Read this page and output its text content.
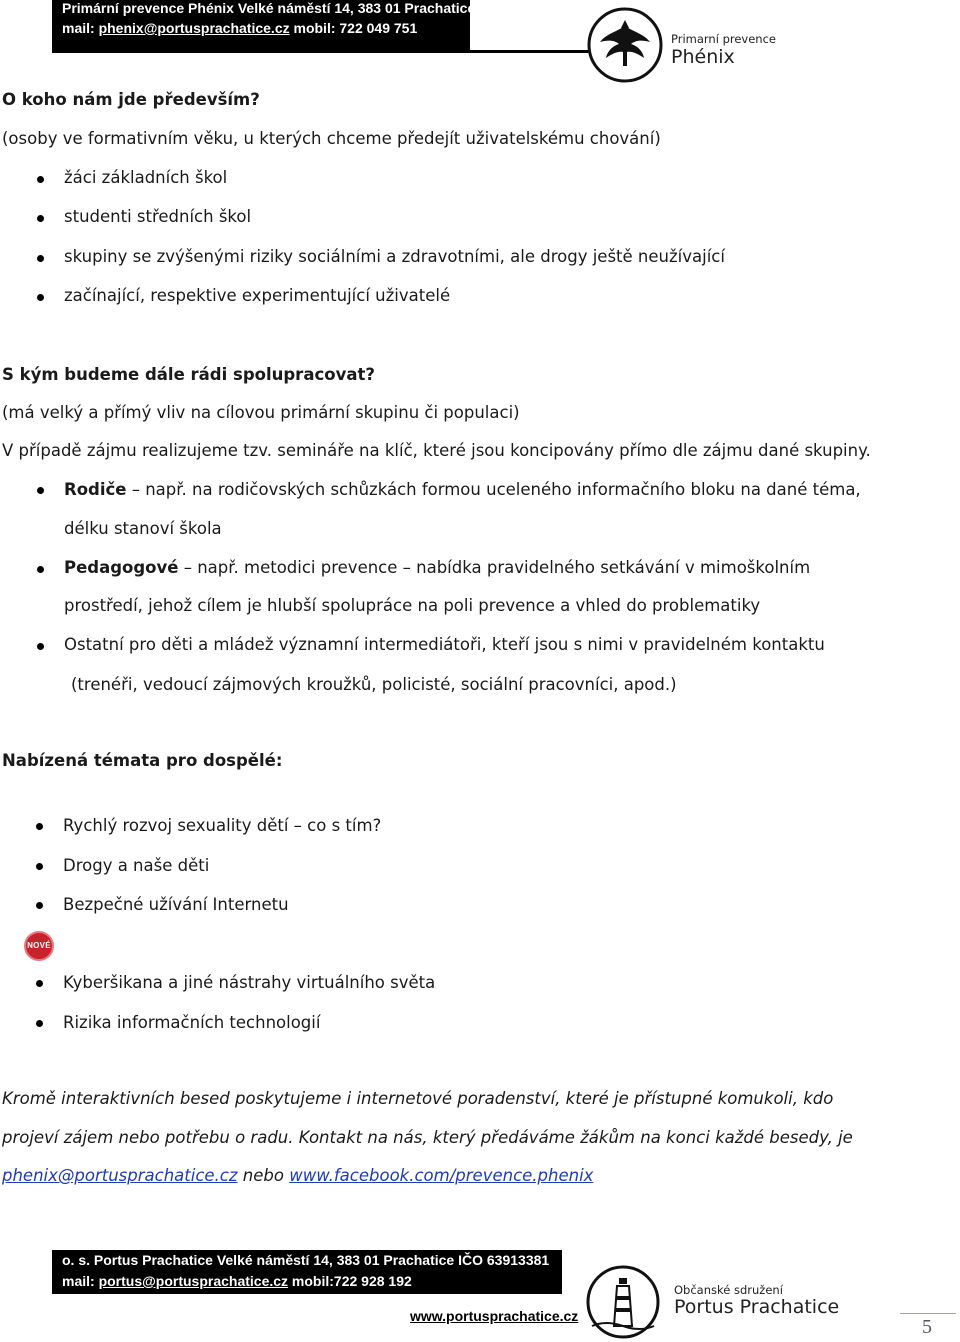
Primární prevence Phénix Velké náměstí 14, 383 01 Prachatice
mail: phenix@portusprachatice.cz mobil: 722 049 751
Primarní prevence
Phénix
O koho nám jde především?
(osoby ve formativním věku, u kterých chceme předejít uživatelskému chování)
žáci základních škol
studenti středních škol
skupiny se zvýšenými riziky sociálními a zdravotními, ale drogy ještě neužívající
začínající, respektive experimentující uživatelé
S kým budeme dále rádi spolupracovat?
(má velký a přímý vliv na cílovou primární skupinu či populaci)
V případě zájmu realizujeme tzv. semináře na klíč, které jsou koncipovány přímo dle zájmu dané skupiny.
Rodiče – např. na rodičovských schůzkách formou uceleného informačního bloku na dané téma,
délku stanoví škola
Pedagogové – např. metodici prevence – nabídka pravidelného setkávání v mimoškolním
prostředí, jehož cílem je hlubší spolupráce na poli prevence a vhled do problematiky
Ostatní pro děti a mládež významní intermediátoři, kteří jsou s nimi v pravidelném kontaktu
(trenéři, vedoucí zájmových kroužků, policisté, sociální pracovníci, apod.)
Nabízená témata pro dospělé:
Rychlý rozvoj sexuality dětí – co s tím?
Drogy a naše děti
Bezpečné užívání Internetu
NOVÉ
Kyberšikana a jiné nástrahy virtuálního světa
Rizika informačních technologií
Kromě interaktivních besed poskytujeme i internetové poradenství, které je přístupné komukoli, kdo
projeví zájem nebo potřebu o radu. Kontakt na nás, který předáváme žákům na konci každé besedy, je
phenix@portusprachatice.cz nebo www.facebook.com/prevence.phenix
o. s. Portus Prachatice Velké náměstí 14, 383 01 Prachatice IČO 63913381
mail: portus@portusprachatice.cz mobil:722 928 192
www.portusprachatice.cz
Občanské sdružení
Portus Prachatice
5
